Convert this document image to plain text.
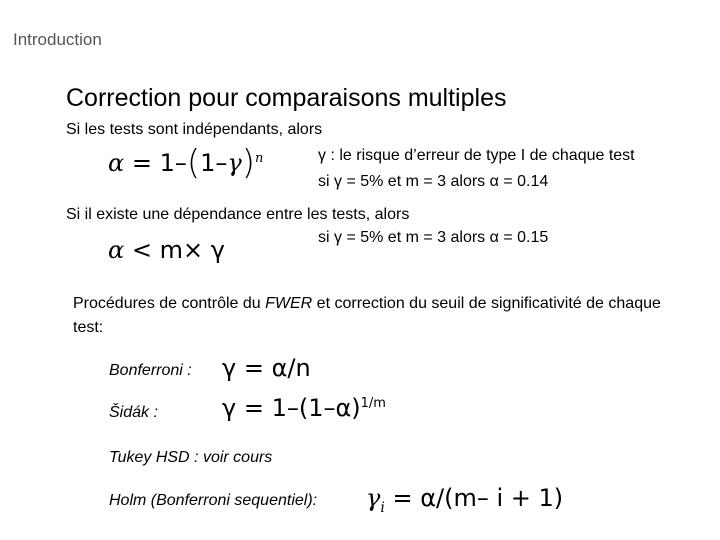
Introduction
Correction pour comparaisons multiples
Si les tests sont indépendants, alors
$\alpha = 1-(1-\gamma)^n$	γ : le risque d’erreur de type I de chaque test
si γ = 5% et m = 3 alors α = 0.14
Si il existe une dépendance entre les tests, alors
si γ = 5% et m = 3 alors α = 0.15
α < m× γ
Procédures de contrôle du FWER et correction du seuil de significativité de chaque test:
Bonferroni : γ = α/n
Šidák :	$\gamma = 1-(1-\alpha)^{1/m}$
Tukey HSD : voir cours
Holm (Bonferroni sequentiel): $\gamma_i = \alpha/(m-$ i + 1)
